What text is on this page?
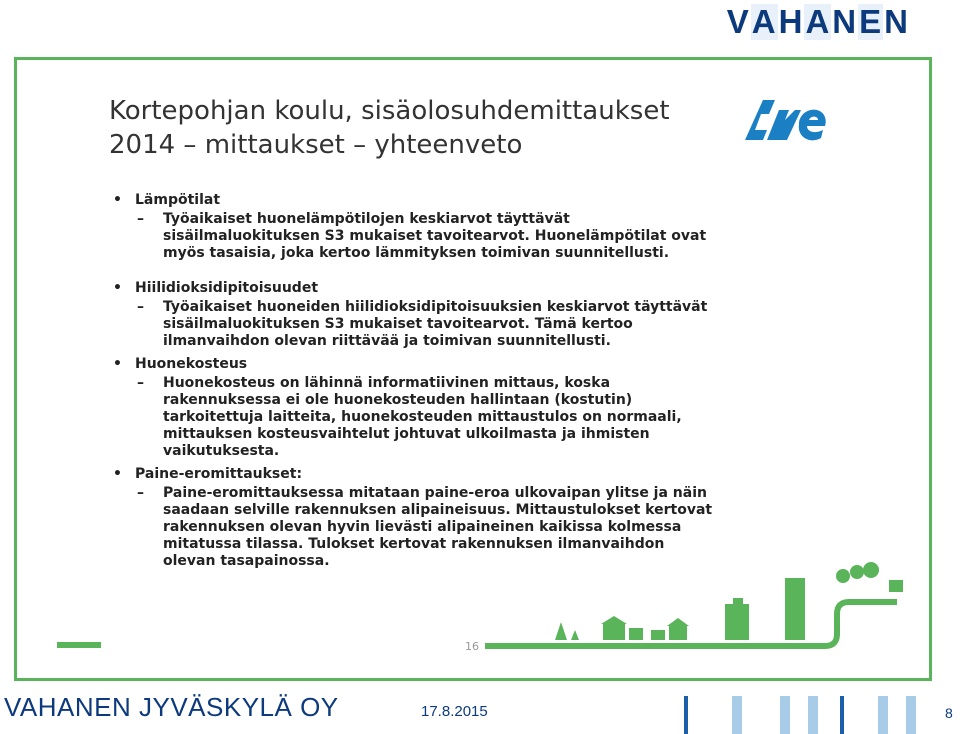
V A H A N E N
Kortepohjan koulu, sisäolosuhdemittaukset
2014 – mittaukset – yhteenveto
• Lämpötilat
– Työaikaiset huonelämpötilojen keskiarvot täyttävät sisäilmaluokituksen S3 mukaiset tavoitearvot. Huonelämpötilat ovat myös tasaisia, joka kertoo lämmityksen toimivan suunnitellusti.
• Hiilidioksidipitoisuudet
– Työaikaiset huoneiden hiilidioksidipitoisuuksien keskiarvot täyttävät sisäilmaluokituksen S3 mukaiset tavoitearvot. Tämä kertoo ilmanvaihdon olevan riittävää ja toimivan suunnitellusti.
• Huonekosteus
– Huonekosteus on lähinnä informatiivinen mittaus, koska rakennuksessa ei ole huonekosteuden hallintaan (kostutin) tarkoitettuja laitteita, huonekosteuden mittaustulos on normaali, mittauksen kosteusvaihtelut johtuvat ulkoilmasta ja ihmisten vaikutuksesta.
• Paine-eromittaukset:
– Paine-eromittauksessa mitataan paine-eroa ulkovaipan ylitse ja näin saadaan selville rakennuksen alipaineisuus. Mittaustulokset kertovat rakennuksen olevan hyvin lievästi alipaineinen kaikissa kolmessa mitatussa tilassa. Tulokset kertovat rakennuksen ilmanvaihdon olevan tasapainossa.
16
VAHANEN JYVÄSKYLÄ OY	17.8.2015	8
